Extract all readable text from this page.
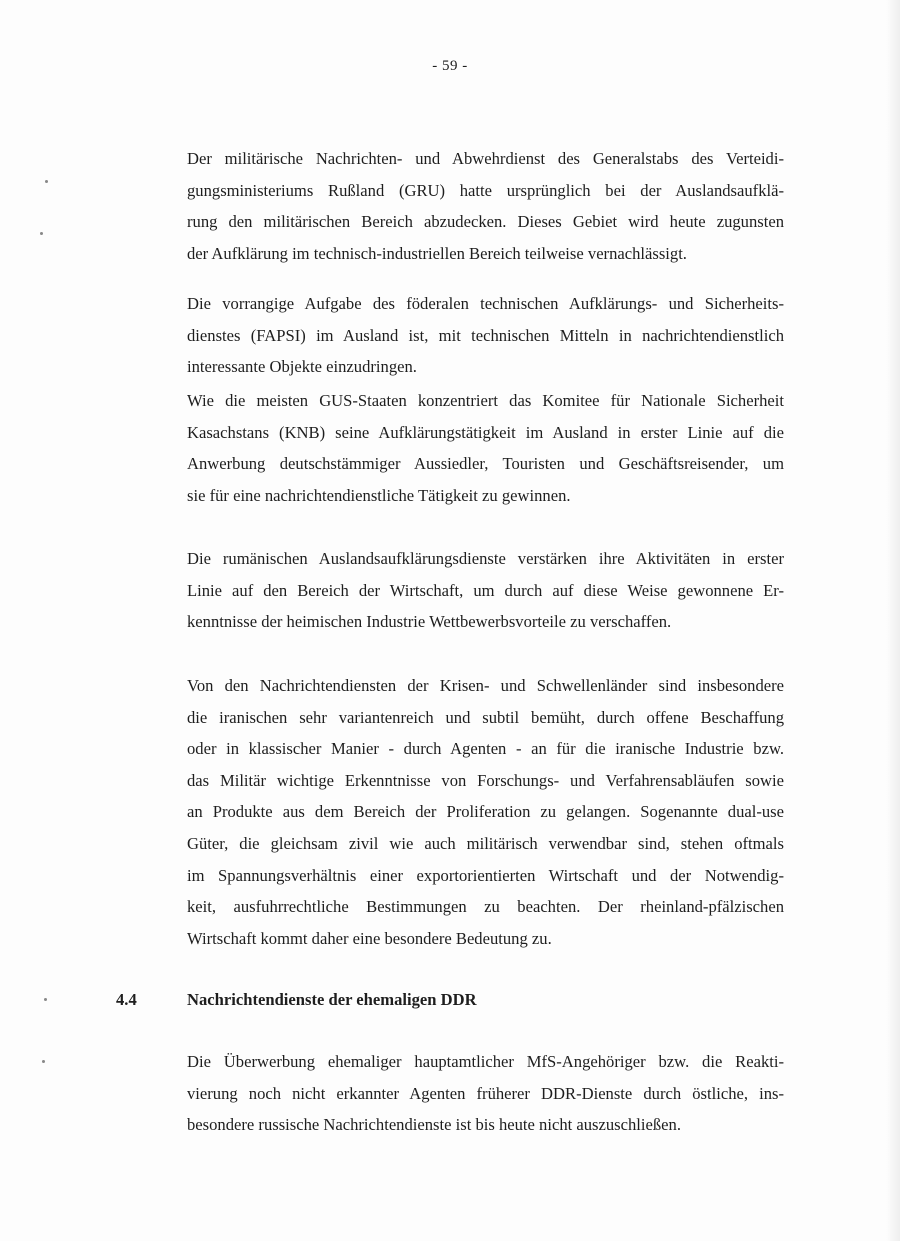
- 59 -
Der militärische Nachrichten- und Abwehrdienst des Generalstabs des Verteidi-
gungsministeriums Rußland (GRU) hatte ursprünglich bei der Auslandsaufklä-
rung den militärischen Bereich abzudecken. Dieses Gebiet wird heute zugunsten
der Aufklärung im technisch-industriellen Bereich teilweise vernachlässigt.
Die vorrangige Aufgabe des föderalen technischen Aufklärungs- und Sicherheits-
dienstes (FAPSI) im Ausland ist, mit technischen Mitteln in nachrichtendienstlich
interessante Objekte einzudringen.
Wie die meisten GUS-Staaten konzentriert das Komitee für Nationale Sicherheit
Kasachstans (KNB) seine Aufklärungstätigkeit im Ausland in erster Linie auf die
Anwerbung deutschstämmiger Aussiedler, Touristen und Geschäftsreisender, um
sie für eine nachrichtendienstliche Tätigkeit zu gewinnen.
Die rumänischen Auslandsaufklärungsdienste verstärken ihre Aktivitäten in erster
Linie auf den Bereich der Wirtschaft, um durch auf diese Weise gewonnene Er-
kenntnisse der heimischen Industrie Wettbewerbsvorteile zu verschaffen.
Von den Nachrichtendiensten der Krisen- und Schwellenländer sind insbesondere
die iranischen sehr variantenreich und subtil bemüht, durch offene Beschaffung
oder in klassischer Manier - durch Agenten - an für die iranische Industrie bzw.
das Militär wichtige Erkenntnisse von Forschungs- und Verfahrensabläufen sowie
an Produkte aus dem Bereich der Proliferation zu gelangen. Sogenannte dual-use
Güter, die gleichsam zivil wie auch militärisch verwendbar sind, stehen oftmals
im Spannungsverhältnis einer exportorientierten Wirtschaft und der Notwendig-
keit, ausfuhrrechtliche Bestimmungen zu beachten. Der rheinland-pfälzischen
Wirtschaft kommt daher eine besondere Bedeutung zu.
4.4	Nachrichtendienste der ehemaligen DDR
Die Überwerbung ehemaliger hauptamtlicher MfS-Angehöriger bzw. die Reakti-
vierung noch nicht erkannter Agenten früherer DDR-Dienste durch östliche, ins-
besondere russische Nachrichtendienste ist bis heute nicht auszuschließen.
